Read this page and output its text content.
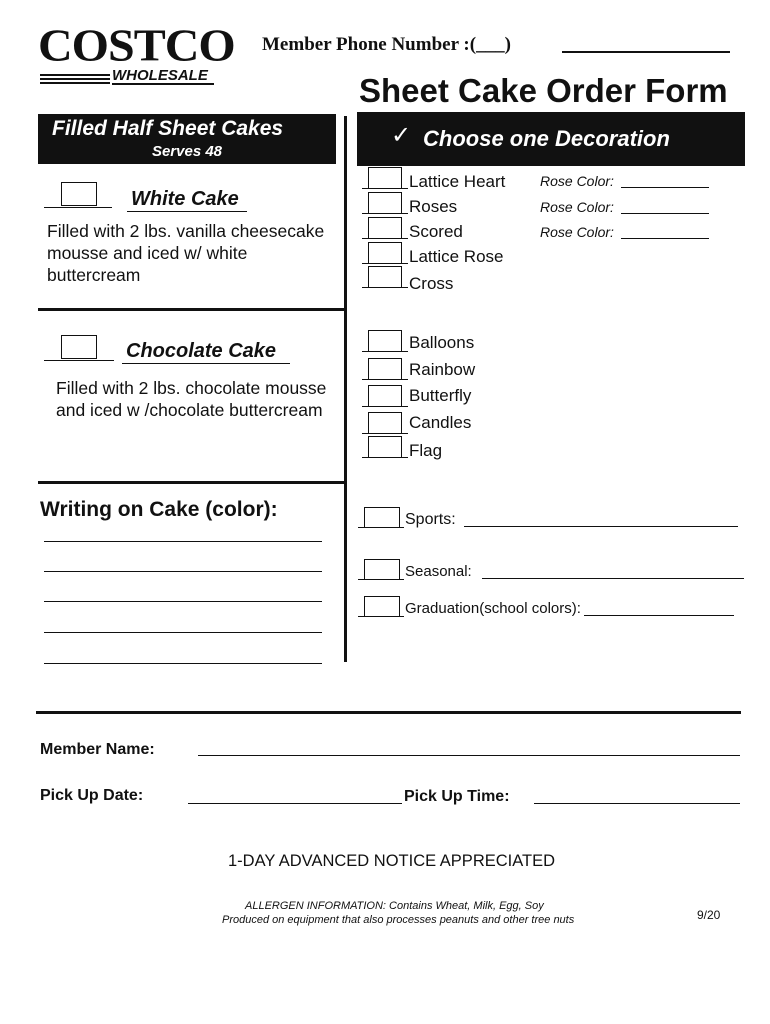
COSTCO
WHOLESALE
Member Phone Number :(___)
Sheet Cake Order Form
Filled Half Sheet Cakes
Serves 48
✓ Choose one Decoration
White Cake
Filled with 2 lbs. vanilla cheesecake mousse and iced w/ white buttercream
Chocolate Cake
Filled with 2 lbs. chocolate mousse and iced w /chocolate buttercream
Writing on Cake (color):
Lattice Heart
Roses
Scored
Lattice Rose
Cross
Rose Color:
Rose Color:
Rose Color:
Balloons
Rainbow
Butterfly
Candles
Flag
Sports:
Seasonal:
Graduation(school colors):
Member Name:
Pick Up Date:	Pick Up Time:
1-DAY ADVANCED NOTICE APPRECIATED
ALLERGEN INFORMATION: Contains Wheat, Milk, Egg, Soy
Produced on equipment that also processes peanuts and other tree nuts	9/20
